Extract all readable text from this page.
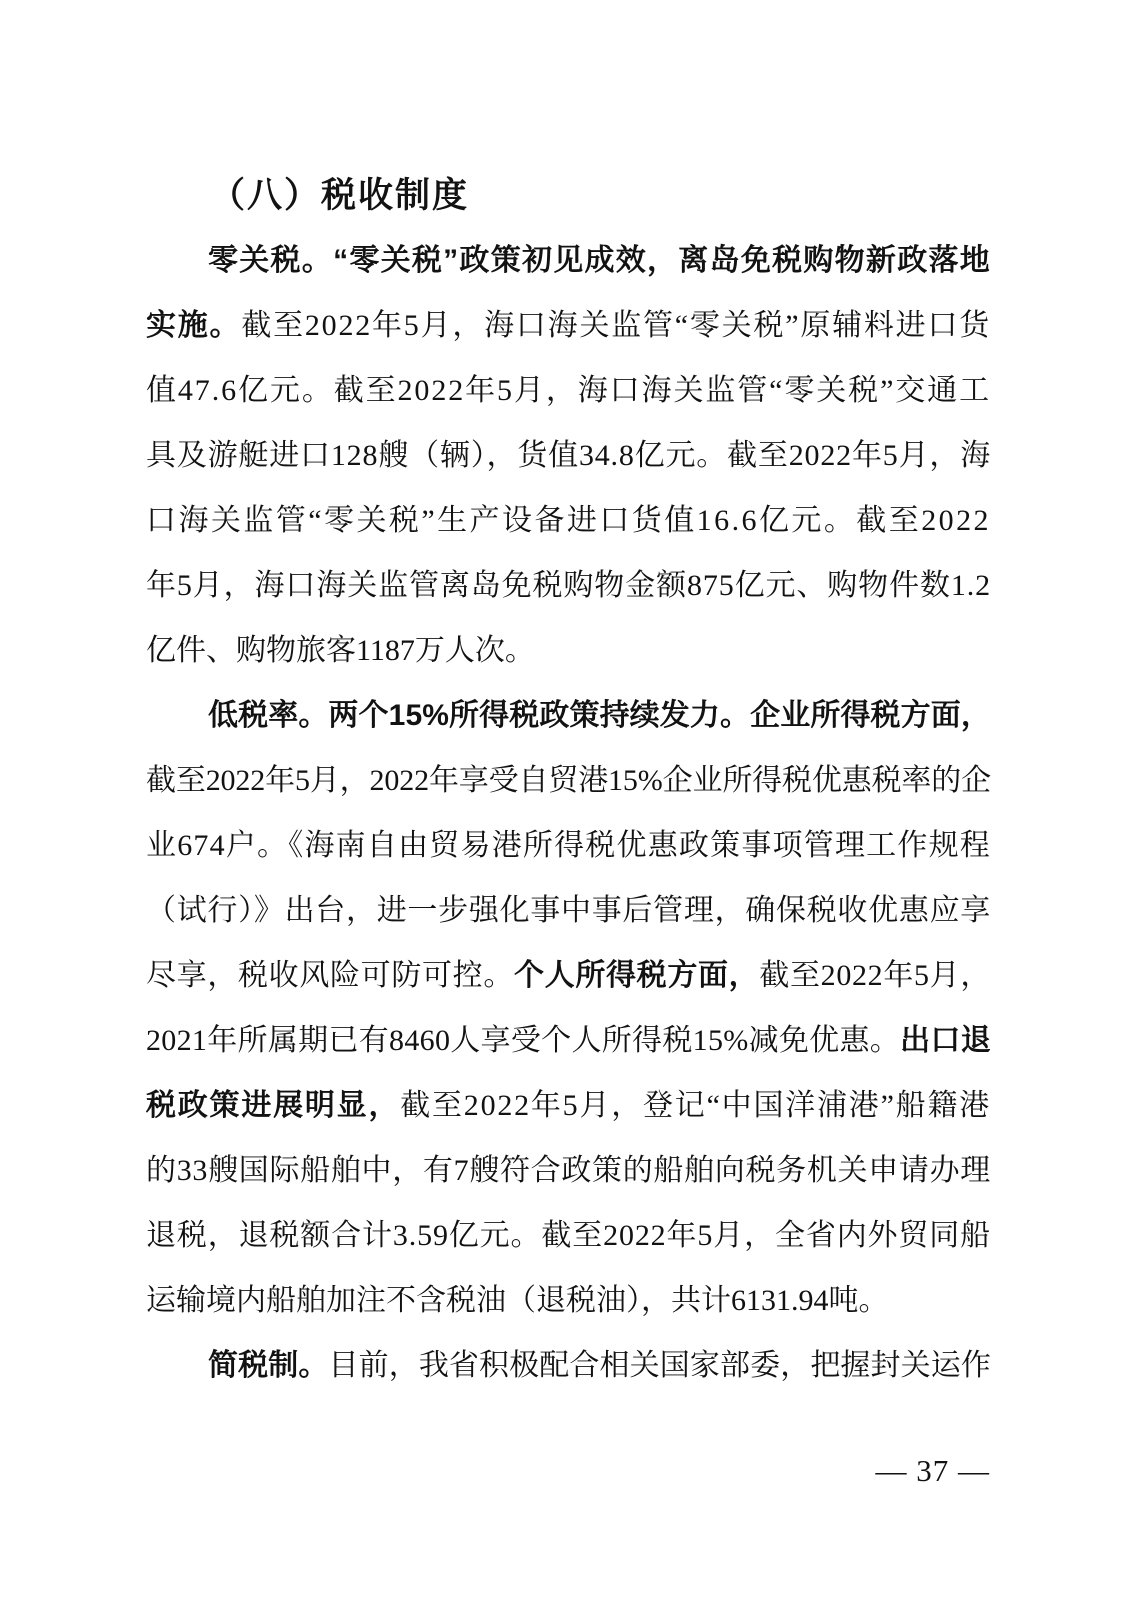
（八）税收制度
零关税。“零关税”政策初见成效，离岛免税购物新政落地
实施。截至2022年5月，海口海关监管“零关税”原辅料进口货
值47.6亿元。截至2022年5月，海口海关监管“零关税”交通工
具及游艇进口128艘（辆），货值34.8亿元。截至2022年5月，海
口海关监管“零关税”生产设备进口货值16.6亿元。截至2022
年5月，海口海关监管离岛免税购物金额875亿元、购物件数1.2
亿件、购物旅客1187万人次。
低税率。两个15%所得税政策持续发力。企业所得税方面，
截至2022年5月，2022年享受自贸港15%企业所得税优惠税率的企
业674户。《海南自由贸易港所得税优惠政策事项管理工作规程
（试行）》出台，进一步强化事中事后管理，确保税收优惠应享
尽享，税收风险可防可控。个人所得税方面，截至2022年5月，
2021年所属期已有8460人享受个人所得税15%减免优惠。出口退
税政策进展明显，截至2022年5月，登记“中国洋浦港”船籍港
的33艘国际船舶中，有7艘符合政策的船舶向税务机关申请办理
退税，退税额合计3.59亿元。截至2022年5月，全省内外贸同船
运输境内船舶加注不含税油（退税油），共计6131.94吨。
简税制。目前，我省积极配合相关国家部委，把握封关运作
— 37 —
